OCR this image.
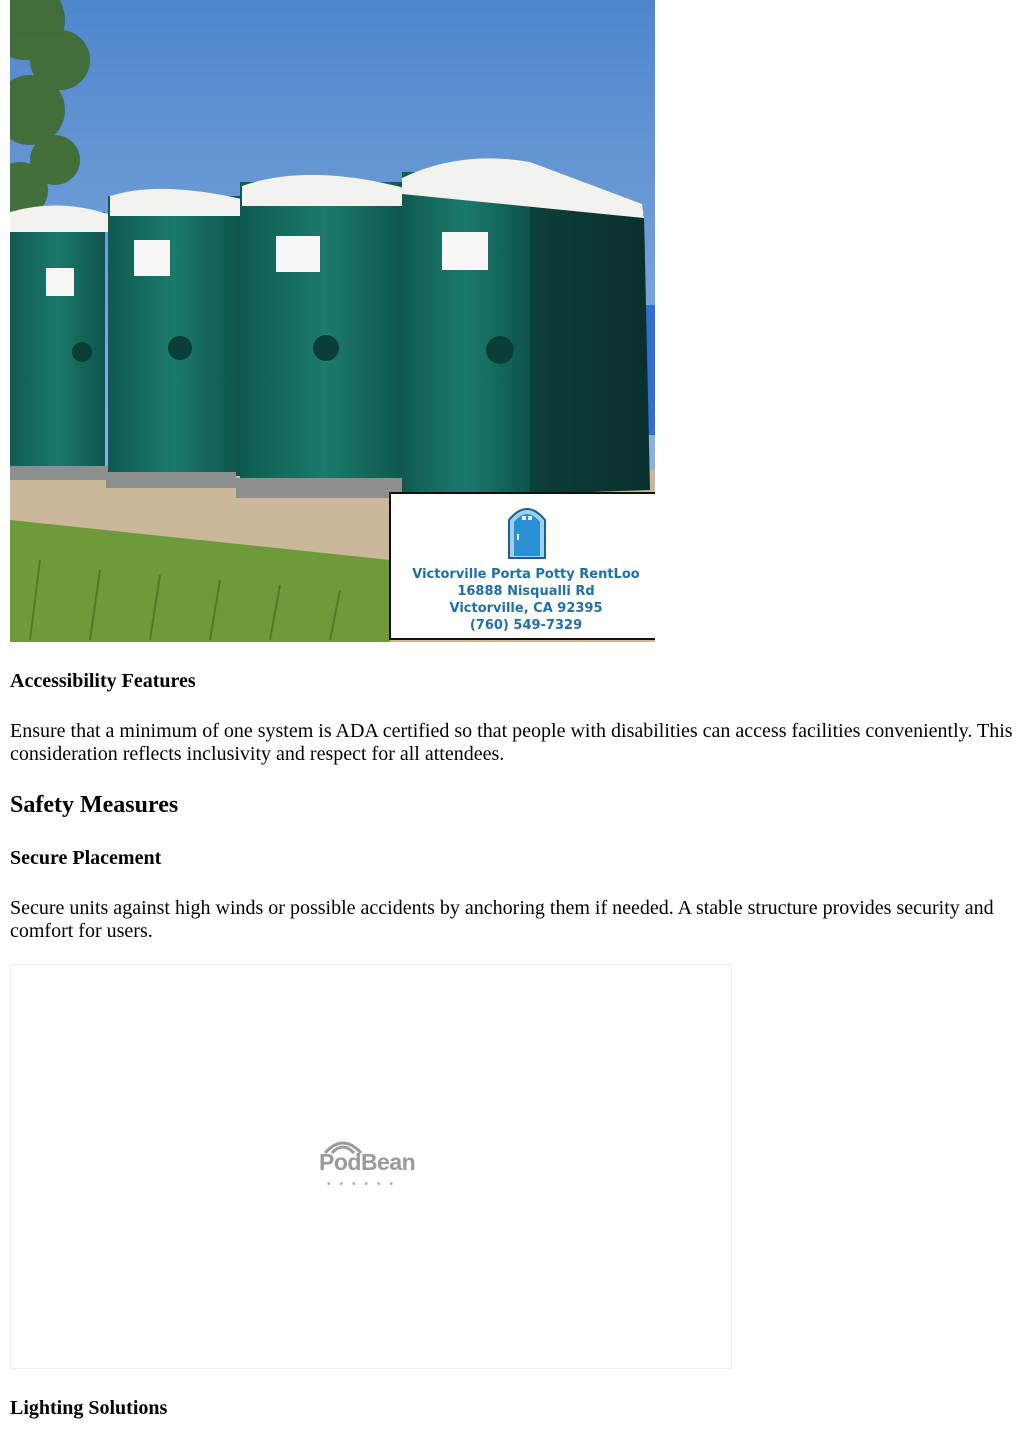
Victorville Porta Potty RentLoo
16888 Nisqualli Rd
Victorville, CA 92395
(760) 549-7329
Accessibility Features
Ensure that a minimum of one system is ADA certified so that people with disabilities can access facilities conveniently. This consideration reflects inclusivity and respect for all attendees.
Safety Measures
Secure Placement
Secure units against high winds or possible accidents by anchoring them if needed. A stable structure provides security and comfort for users.
PodBean
••••••
Lighting Solutions
